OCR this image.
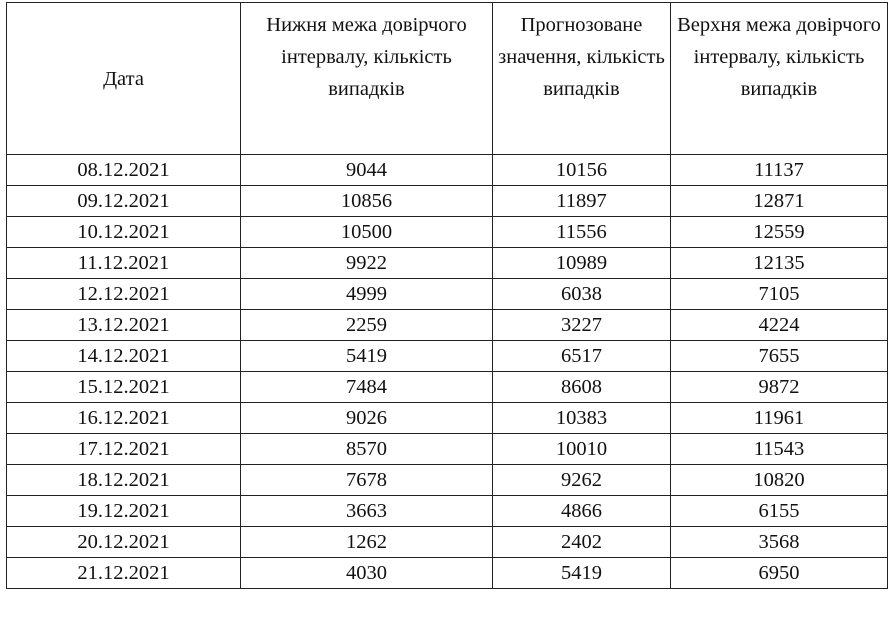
Дата	Нижня межа довірчого інтервалу, кількість випадків	Прогнозоване значення, кількість випадків	Верхня межа довірчого інтервалу, кількість випадків
08.12.2021	9044	10156	11137
09.12.2021	10856	11897	12871
10.12.2021	10500	11556	12559
11.12.2021	9922	10989	12135
12.12.2021	4999	6038	7105
13.12.2021	2259	3227	4224
14.12.2021	5419	6517	7655
15.12.2021	7484	8608	9872
16.12.2021	9026	10383	11961
17.12.2021	8570	10010	11543
18.12.2021	7678	9262	10820
19.12.2021	3663	4866	6155
20.12.2021	1262	2402	3568
21.12.2021	4030	5419	6950
